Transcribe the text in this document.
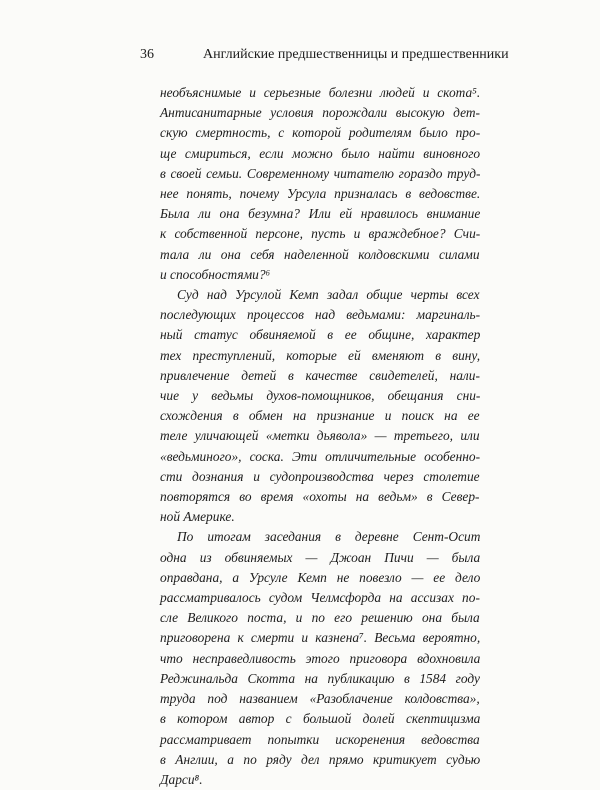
36	Английские предшественницы и предшественники

необъяснимые и серьезные болезни людей и скота⁵.
Антисанитарные условия порождали высокую дет-
скую смертность, с которой родителям было про-
ще смириться, если можно было найти виновного
в своей семьи. Современному читателю гораздо труд-
нее понять, почему Урсула призналась в ведовстве.
Была ли она безумна? Или ей нравилось внимание
к собственной персоне, пусть и враждебное? Счи-
тала ли она себя наделенной колдовскими силами
и способностями?⁶

Суд над Урсулой Кемп задал общие черты всех
последующих процессов над ведьмами: маргиналь-
ный статус обвиняемой в ее общине, характер
тех преступлений, которые ей вменяют в вину,
привлечение детей в качестве свидетелей, нали-
чие у ведьмы духов-помощников, обещания сни-
схождения в обмен на признание и поиск на ее
теле уличающей «метки дьявола» — третьего, или
«ведьминого», соска. Эти отличительные особенно-
сти дознания и судопроизводства через столетие
повторятся во время «охоты на ведьм» в Север-
ной Америке.

По итогам заседания в деревне Сент-Осит
одна из обвиняемых — Джоан Пичи — была
оправдана, а Урсуле Кемп не повезло — ее дело
рассматривалось судом Челмсфорда на ассизах по-
сле Великого поста, и по его решению она была
приговорена к смерти и казнена⁷. Весьма вероятно,
что несправедливость этого приговора вдохновила
Реджинальда Скотта на публикацию в 1584 году
труда под названием «Разоблачение колдовства»,
в котором автор с большой долей скептицизма
рассматривает попытки искоренения ведовства
в Англии, а по ряду дел прямо критикует судью
Дарси⁸.
